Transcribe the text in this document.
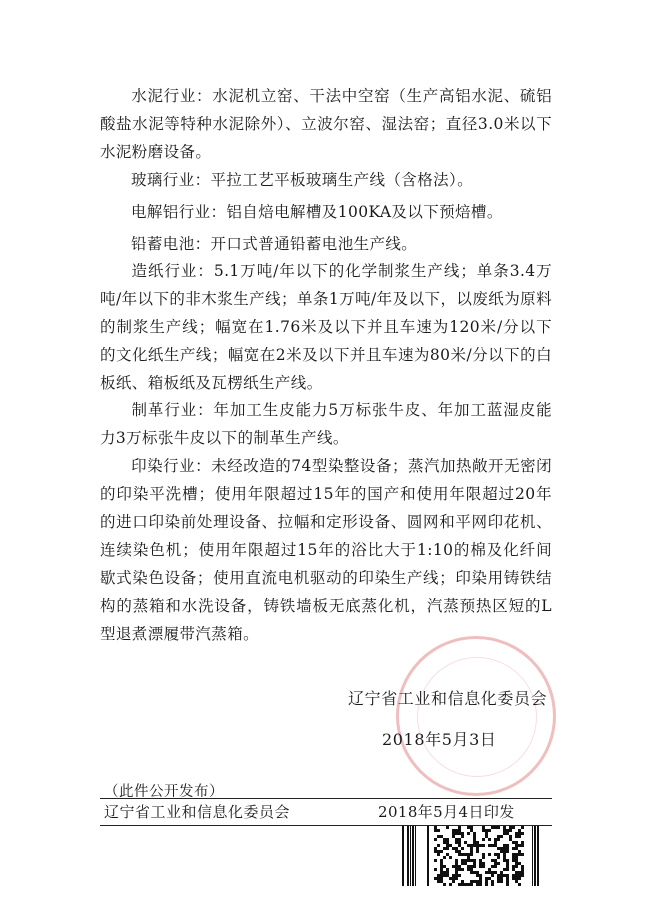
水泥行业：水泥机立窑、干法中空窑（生产高铝水泥、硫铝酸盐水泥等特种水泥除外）、立波尔窑、湿法窑；直径3.0米以下水泥粉磨设备。

玻璃行业：平拉工艺平板玻璃生产线（含格法）。

电解铝行业：铝自焙电解槽及100KA及以下预焙槽。

铅蓄电池：开口式普通铅蓄电池生产线。

造纸行业：5.1万吨/年以下的化学制浆生产线；单条3.4万吨/年以下的非木浆生产线；单条1万吨/年及以下，以废纸为原料的制浆生产线；幅宽在1.76米及以下并且车速为120米/分以下的文化纸生产线；幅宽在2米及以下并且车速为80米/分以下的白板纸、箱板纸及瓦楞纸生产线。

制革行业：年加工生皮能力5万标张牛皮、年加工蓝湿皮能力3万标张牛皮以下的制革生产线。

印染行业：未经改造的74型染整设备；蒸汽加热敞开无密闭的印染平洗槽；使用年限超过15年的国产和使用年限超过20年的进口印染前处理设备、拉幅和定形设备、圆网和平网印花机、连续染色机；使用年限超过15年的浴比大于1:10的棉及化纤间歇式染色设备；使用直流电机驱动的印染生产线；印染用铸铁结构的蒸箱和水洗设备，铸铁墙板无底蒸化机，汽蒸预热区短的L型退煮漂履带汽蒸箱。

辽宁省工业和信息化委员会
2018年5月3日
（此件公开发布）
辽宁省工业和信息化委员会	2018年5月4日印发
